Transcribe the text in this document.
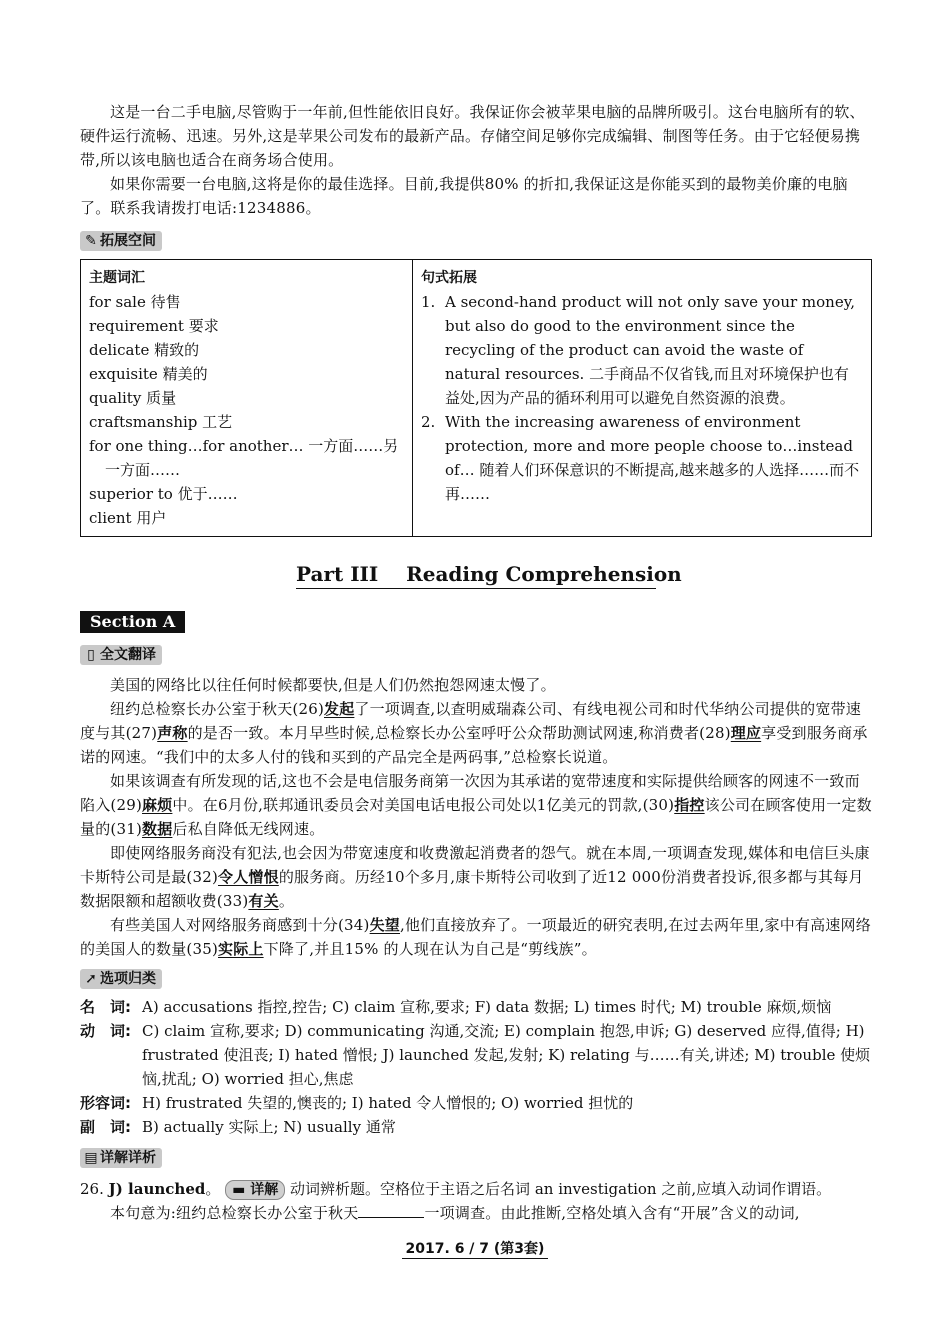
这是一台二手电脑,尽管购于一年前,但性能依旧良好。我保证你会被苹果电脑的品牌所吸引。这台电脑所有的软、硬件运行流畅、迅速。另外,这是苹果公司发布的最新产品。存储空间足够你完成编辑、制图等任务。由于它轻便易携带,所以该电脑也适合在商务场合使用。

如果你需要一台电脑,这将是你的最佳选择。目前,我提供80% 的折扣,我保证这是你能买到的最物美价廉的电脑了。联系我请拨打电话:1234886。

✎ 拓展空间
主题词汇
for sale 待售
requirement 要求
delicate 精致的
exquisite 精美的
quality 质量
craftsmanship 工艺
for one thing…for another… 一方面……另一方面……
superior to 优于……
client 用户

句式拓展
1. A second-hand product will not only save your money, but also do good to the environment since the recycling of the product can avoid the waste of natural resources. 二手商品不仅省钱,而且对环境保护也有益处,因为产品的循环利用可以避免自然资源的浪费。
2. With the increasing awareness of environment protection, more and more people choose to…instead of… 随着人们环保意识的不断提高,越来越多的人选择……而不再……
Part III    Reading Comprehension
Section A
▯ 全文翻译

美国的网络比以往任何时候都要快,但是人们仍然抱怨网速太慢了。

纽约总检察长办公室于秋天(26)发起了一项调查,以查明威瑞森公司、有线电视公司和时代华纳公司提供的宽带速度与其(27)声称的是否一致。本月早些时候,总检察长办公室呼吁公众帮助测试网速,称消费者(28)理应享受到服务商承诺的网速。“我们中的太多人付的钱和买到的产品完全是两码事,”总检察长说道。

如果该调查有所发现的话,这也不会是电信服务商第一次因为其承诺的宽带速度和实际提供给顾客的网速不一致而陷入(29)麻烦中。在6月份,联邦通讯委员会对美国电话电报公司处以1亿美元的罚款,(30)指控该公司在顾客使用一定数量的(31)数据后私自降低无线网速。

即使网络服务商没有犯法,也会因为带宽速度和收费激起消费者的怨气。就在本周,一项调查发现,媒体和电信巨头康卡斯特公司是最(32)令人憎恨的服务商。历经10个多月,康卡斯特公司收到了近12 000份消费者投诉,很多都与其每月数据限额和超额收费(33)有关。

有些美国人对网络服务商感到十分(34)失望,他们直接放弃了。一项最近的研究表明,在过去两年里,家中有高速网络的美国人的数量(35)实际上下降了,并且15% 的人现在认为自己是“剪线族”。

➚ 选项归类
名　词: A) accusations 指控,控告; C) claim 宣称,要求; F) data 数据; L) times 时代; M) trouble 麻烦,烦恼
动　词: C) claim 宣称,要求; D) communicating 沟通,交流; E) complain 抱怨,申诉; G) deserved 应得,值得; H) frustrated 使沮丧; I) hated 憎恨; J) launched 发起,发射; K) relating 与……有关,讲述; M) trouble 使烦恼,扰乱; O) worried 担心,焦虑
形容词: H) frustrated 失望的,懊丧的; I) hated 令人憎恨的; O) worried 担忧的
副　词: B) actually 实际上; N) usually 通常
▤ 详解详析
26. J) launched。 ▬ 详解 动词辨析题。空格位于主语之后名词 an investigation 之前,应填入动词作谓语。
本句意为:纽约总检察长办公室于秋天	一项调查。由此推断,空格处填入含有“开展”含义的动词,
2017. 6 / 7 (第3套)
